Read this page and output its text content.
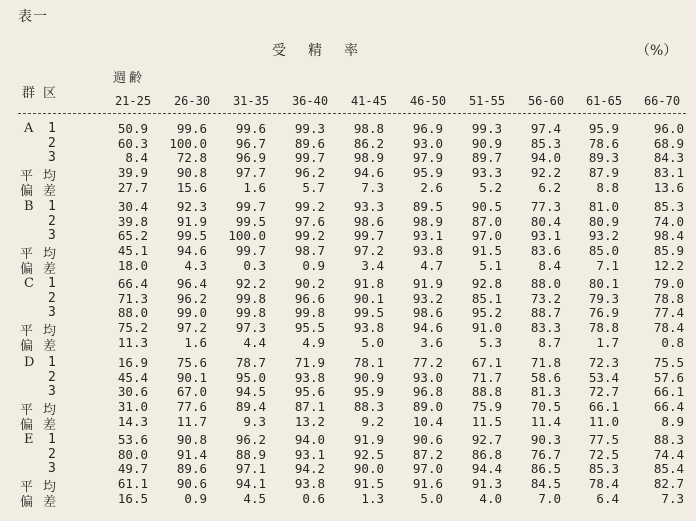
表一
受精率	（%）
週齢
群区	21-25 26-30 31-35 36-40 41-45 46-50 51-55 56-60 61-65 66-70
A 1	50.9	99.6	99.6	99.3	98.8	96.9	99.3	97.4	95.9	96.0
2	60.3	100.0	96.7	89.6	86.2	93.0	90.9	85.3	78.6	68.9
3	8.4	72.8	96.9	99.7	98.9	97.9	89.7	94.0	89.3	84.3
平均	39.9	90.8	97.7	96.2	94.6	95.9	93.3	92.2	87.9	83.1
偏差	27.7	15.6	1.6	5.7	7.3	2.6	5.2	6.2	8.8	13.6
B 1	30.4	92.3	99.7	99.2	93.3	89.5	90.5	77.3	81.0	85.3
2	39.8	91.9	99.5	97.6	98.6	98.9	87.0	80.4	80.9	74.0
3	65.2	99.5	100.0	99.2	99.7	93.1	97.0	93.1	93.2	98.4
平均	45.1	94.6	99.7	98.7	97.2	93.8	91.5	83.6	85.0	85.9
偏差	18.0	4.3	0.3	0.9	3.4	4.7	5.1	8.4	7.1	12.2
C 1	66.4	96.4	92.2	90.2	91.8	91.9	92.8	88.0	80.1	79.0
2	71.3	96.2	99.8	96.6	90.1	93.2	85.1	73.2	79.3	78.8
3	88.0	99.0	99.8	99.8	99.5	98.6	95.2	88.7	76.9	77.4
平均	75.2	97.2	97.3	95.5	93.8	94.6	91.0	83.3	78.8	78.4
偏差	11.3	1.6	4.4	4.9	5.0	3.6	5.3	8.7	1.7	0.8
D 1	16.9	75.6	78.7	71.9	78.1	77.2	67.1	71.8	72.3	75.5
2	45.4	90.1	95.0	93.8	90.9	93.0	71.7	58.6	53.4	57.6
3	30.6	67.0	94.5	95.6	95.9	96.8	88.8	81.3	72.7	66.1
平均	31.0	77.6	89.4	87.1	88.3	89.0	75.9	70.5	66.1	66.4
偏差	14.3	11.7	9.3	13.2	9.2	10.4	11.5	11.4	11.0	8.9
E 1	53.6	90.8	96.2	94.0	91.9	90.6	92.7	90.3	77.5	88.3
2	80.0	91.4	88.9	93.1	92.5	87.2	86.8	76.7	72.5	74.4
3	49.7	89.6	97.1	94.2	90.0	97.0	94.4	86.5	85.3	85.4
平均	61.1	90.6	94.1	93.8	91.5	91.6	91.3	84.5	78.4	82.7
偏差	16.5	0.9	4.5	0.6	1.3	5.0	4.0	7.0	6.4	7.3
